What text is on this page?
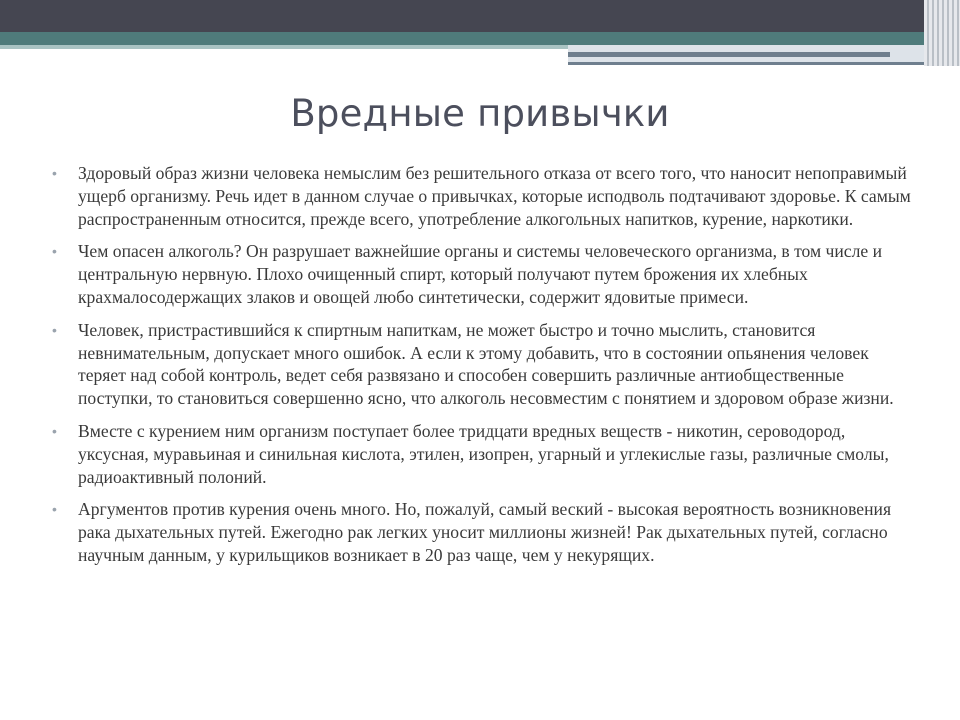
Вредные привычки
• Здоровый образ жизни человека немыслим без решительного отказа от всего того, что наносит непоправимый ущерб организму. Речь идет в данном случае о привычках, которые исподволь подтачивают здоровье. К самым распространенным относится, прежде всего, употребление алкогольных напитков, курение, наркотики.
• Чем опасен алкоголь? Он разрушает важнейшие органы и системы человеческого организма, в том числе и центральную нервную. Плохо очищенный спирт, который получают путем брожения их хлебных крахмалосодержащих злаков и овощей любо синтетически, содержит ядовитые примеси.
• Человек, пристрастившийся к спиртным напиткам, не может быстро и точно мыслить, становится невнимательным, допускает много ошибок. А если к этому добавить, что в состоянии опьянения человек теряет над собой контроль, ведет себя развязано и способен совершить различные антиобщественные поступки, то становиться совершенно ясно, что алкоголь несовместим с понятием и здоровом образе жизни.
• Вместе с курением ним организм поступает более тридцати вредных веществ - никотин, сероводород, уксусная, муравьиная и синильная кислота, этилен, изопрен, угарный и углекислые газы, различные смолы, радиоактивный полоний.
• Аргументов против курения очень много. Но, пожалуй, самый веский - высокая вероятность возникновения рака дыхательных путей. Ежегодно рак легких уносит миллионы жизней! Рак дыхательных путей, согласно научным данным, у курильщиков возникает в 20 раз чаще, чем у некурящих.
